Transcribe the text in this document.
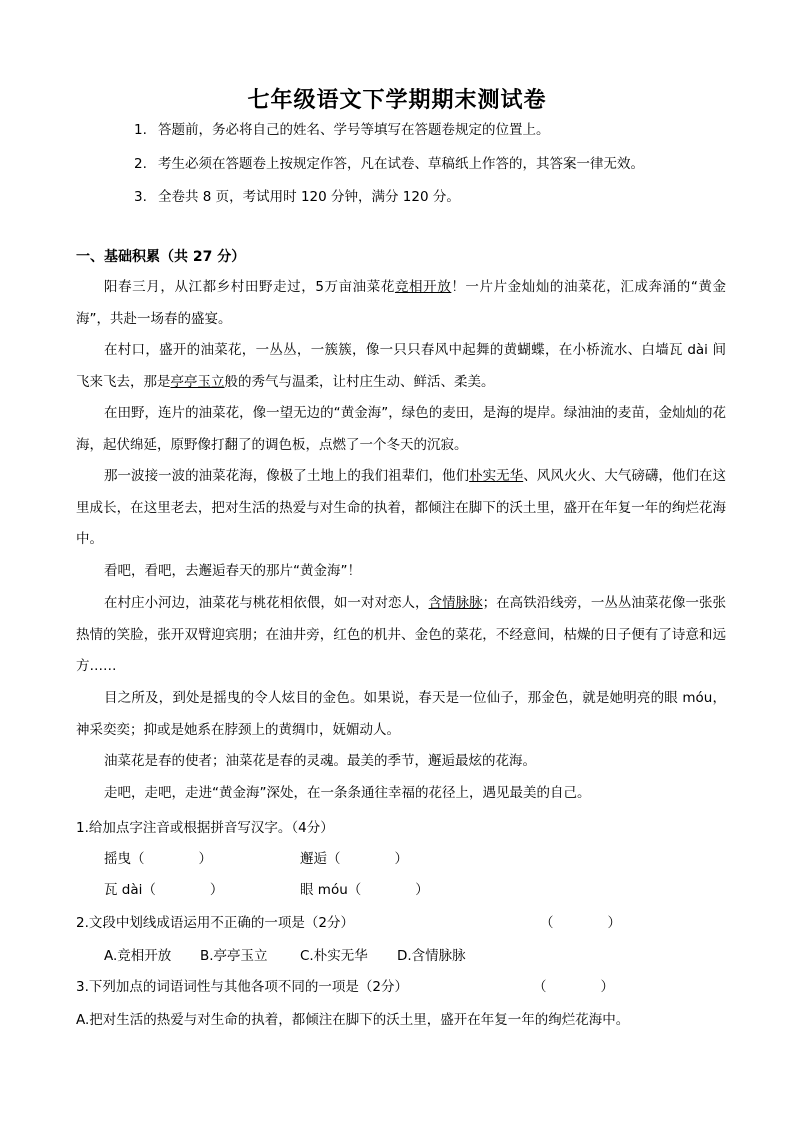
七年级语文下学期期末测试卷
1. 答题前，务必将自己的姓名、学号等填写在答题卷规定的位置上。
2. 考生必须在答题卷上按规定作答，凡在试卷、草稿纸上作答的，其答案一律无效。
3. 全卷共 8 页，考试用时 120 分钟，满分 120 分。
一、基础积累（共 27 分）
阳春三月，从江都乡村田野走过，5万亩油菜花竞相开放！一片片金灿灿的油菜花，汇成奔涌的“黄金海”，共赴一场春的盛宴。
在村口，盛开的油菜花，一丛丛，一簇簇，像一只只春风中起舞的黄蝴蝶，在小桥流水、白墙瓦 dài 间飞来飞去，那是亭亭玉立般的秀气与温柔，让村庄生动、鲜活、柔美。
在田野，连片的油菜花，像一望无边的“黄金海”，绿色的麦田，是海的堤岸。绿油油的麦苗，金灿灿的花海，起伏绵延，原野像打翻了的调色板，点燃了一个冬天的沉寂。
那一波接一波的油菜花海，像极了土地上的我们祖辈们，他们朴实无华、风风火火、大气磅礴，他们在这里成长，在这里老去，把对生活的热爱与对生命的执着，都倾注在脚下的沃土里，盛开在年复一年的绚烂花海中。
看吧，看吧，去邂逅春天的那片“黄金海”！
在村庄小河边，油菜花与桃花相依偎，如一对对恋人，含情脉脉；在高铁沿线旁，一丛丛油菜花像一张张热情的笑脸，张开双臂迎宾朋；在油井旁，红色的机井、金色的菜花，不经意间，枯燥的日子便有了诗意和远方……
目之所及，到处是摇曳的令人炫目的金色。如果说，春天是一位仙子，那金色，就是她明亮的眼 móu，神采奕奕；抑或是她系在脖颈上的黄绸巾，妩媚动人。
油菜花是春的使者；油菜花是春的灵魂。最美的季节，邂逅最炫的花海。
走吧，走吧，走进“黄金海”深处，在一条条通往幸福的花径上，遇见最美的自己。
1.给加点字注音或根据拼音写汉字。（4分）
摇曳（　　　　）	邂逅（　　　　）
瓦 dài（　　　　）	眼 móu（　　　　）
2.文段中划线成语运用不正确的一项是（2分）	（　　　　）
A.竞相开放 B.亭亭玉立 C.朴实无华 D.含情脉脉
3.下列加点的词语词性与其他各项不同的一项是（2分）	（　　　　）
A.把对生活的热爱与对生命的执着，都倾注在脚下的沃土里，盛开在年复一年的绚烂花海中。
